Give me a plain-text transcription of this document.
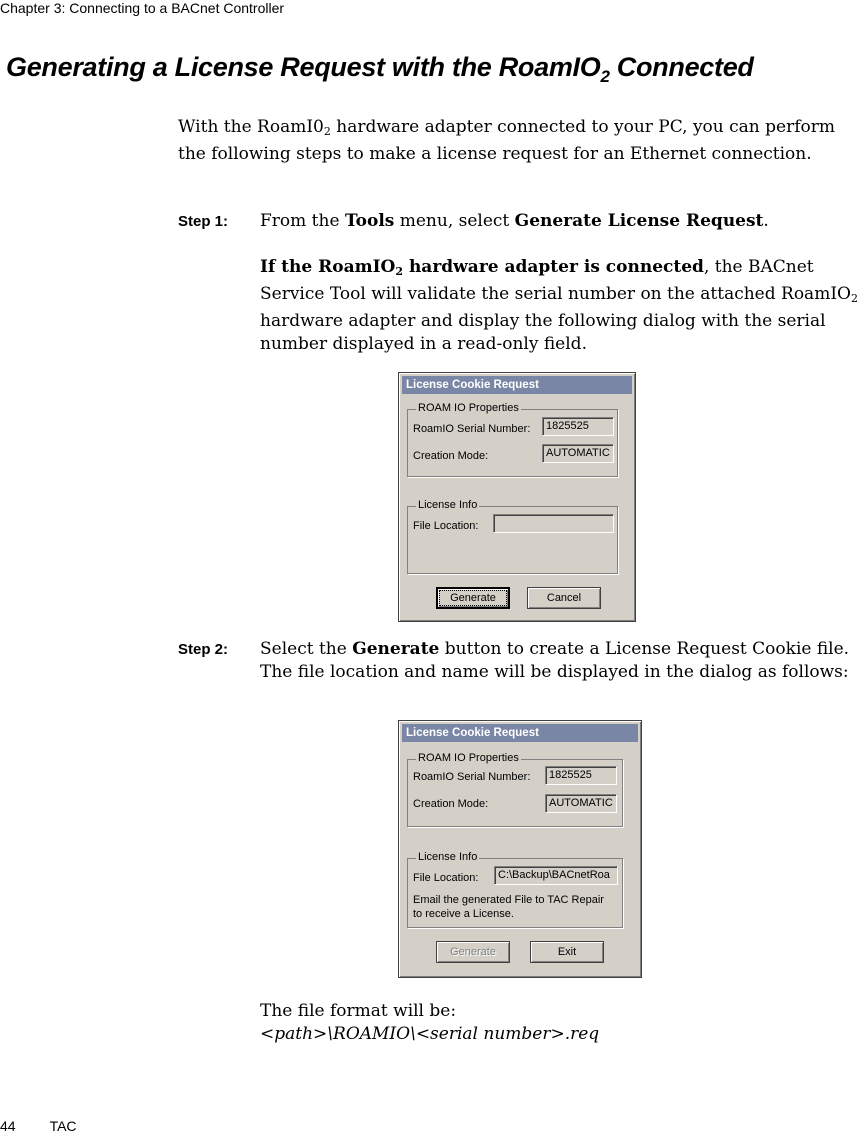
Chapter 3: Connecting to a BACnet Controller
Generating a License Request with the RoamIO$_2$ Connected

With the $RoamI0_2$ hardware adapter connected to your PC, you can perform the following steps to make a license request for an Ethernet connection.

Step 1: From the Tools menu, select Generate License Request.

If the RoamIO$_2$ hardware adapter is connected, the BACnet Service Tool will validate the serial number on the attached RoamIO$_2$ hardware adapter and display the following dialog with the serial number displayed in a read-only field.

License Cookie Request
ROAM IO Properties
RoamIO Serial Number:	1825525
Creation Mode:	AUTOMATIC
License Info
File Location:
Generate	Cancel
Step 2: Select the Generate button to create a License Request Cookie file. The file location and name will be displayed in the dialog as follows:

License Cookie Request
ROAM IO Properties
RoamIO Serial Number:	1825525
Creation Mode:	AUTOMATIC
License Info
File Location:	C:\Backup\BACnetRoa
Email the generated File to TAC Repair to receive a License.
Generate	Exit

The file format will be:

<path>\ROAMIO\<serial number>.req

44 TAC
